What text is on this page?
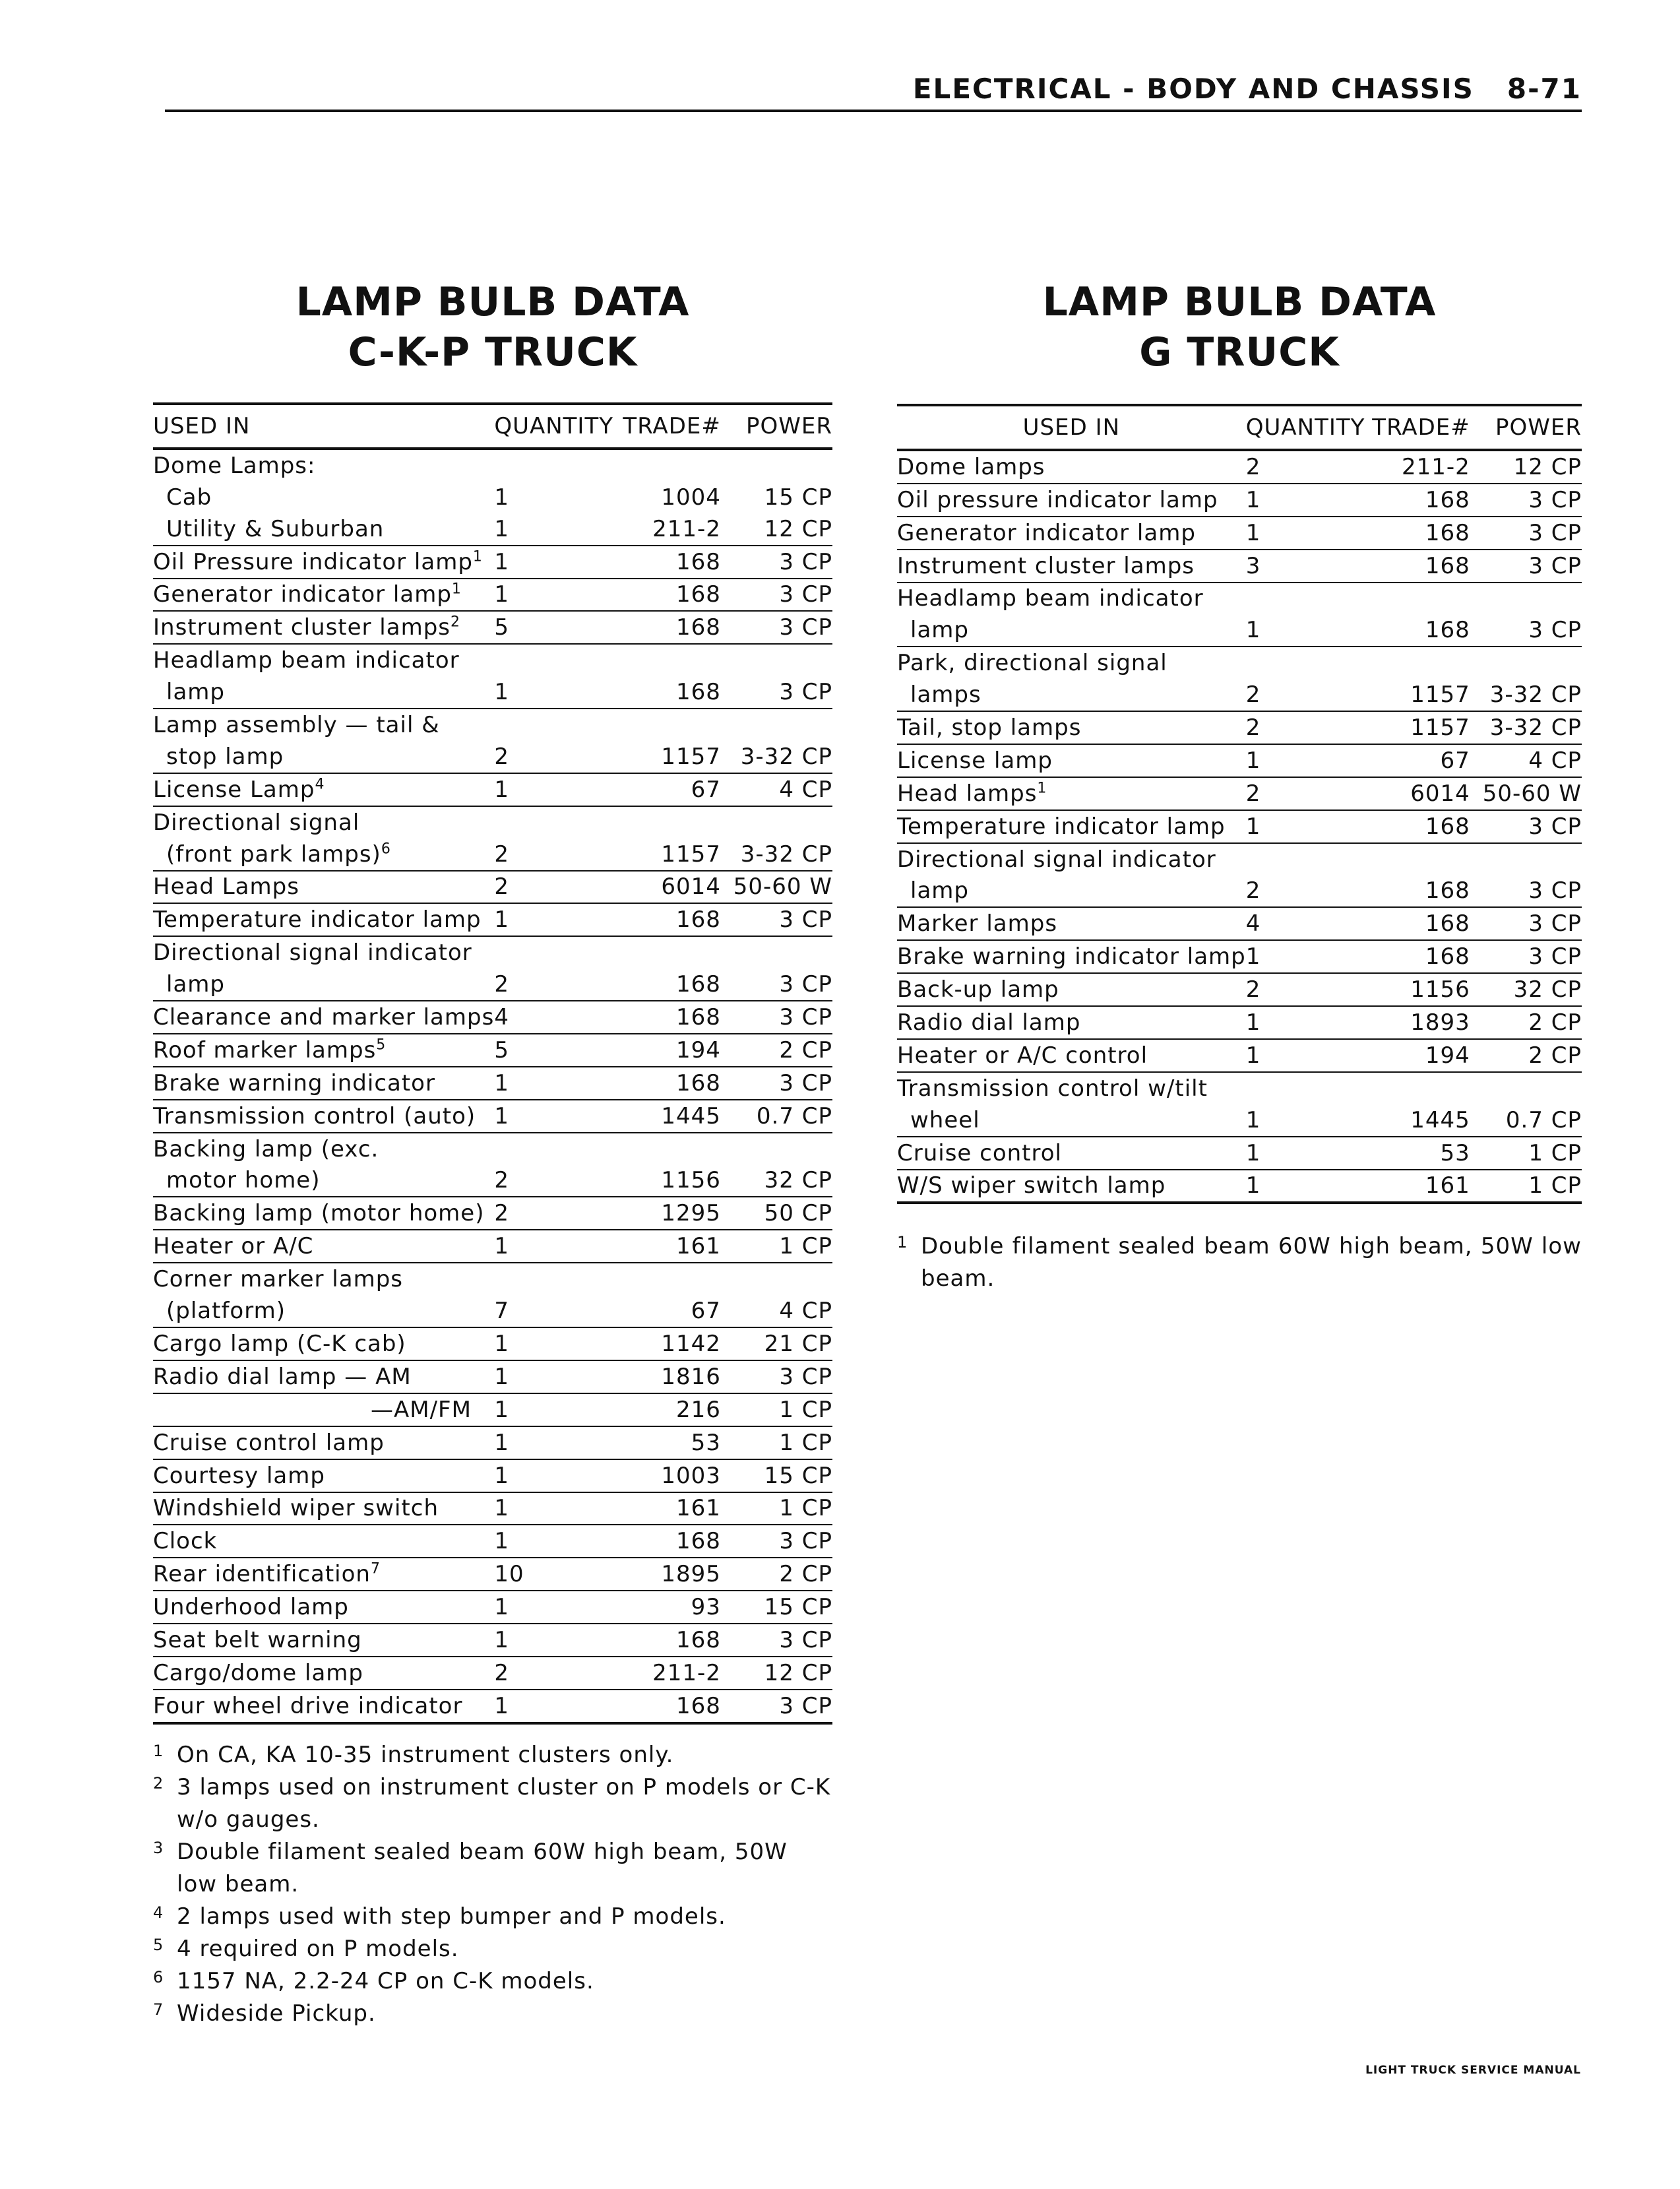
ELECTRICAL - BODY AND CHASSIS 8-71
LAMP BULB DATA
C-K-P TRUCK
USED IN	QUANTITY	TRADE#	POWER
Dome Lamps:			
Cab	1	1004	15 CP
Utility & Suburban	1	211-2	12 CP
Oil Pressure indicator lamp$^1$	1	168	3 CP
Generator indicator lamp$^1$	1	168	3 CP
Instrument cluster lamps$^2$	5	168	3 CP
Headlamp beam indicator			
lamp	1	168	3 CP
Lamp assembly — tail &			
stop lamp	2	1157	3-32 CP
License Lamp$^4$	1	67	4 CP
Directional signal			
(front park lamps)$^6$	2	1157	3-32 CP
Head Lamps	2	6014	50-60 W
Temperature indicator lamp	1	168	3 CP
Directional signal indicator			
lamp	2	168	3 CP
Clearance and marker lamps	4	168	3 CP
Roof marker lamps$^5$	5	194	2 CP
Brake warning indicator	1	168	3 CP
Transmission control (auto)	1	1445	0.7 CP
Backing lamp (exc.			
motor home)	2	1156	32 CP
Backing lamp (motor home)	2	1295	50 CP
Heater or A/C	1	161	1 CP
Corner marker lamps			
(platform)	7	67	4 CP
Cargo lamp (C-K cab)	1	1142	21 CP
Radio dial lamp — AM	1	1816	3 CP
—AM/FM	1	216	1 CP
Cruise control lamp	1	53	1 CP
Courtesy lamp	1	1003	15 CP
Windshield wiper switch	1	161	1 CP
Clock	1	168	3 CP
Rear identification$^7$	10	1895	2 CP
Underhood lamp	1	93	15 CP
Seat belt warning	1	168	3 CP
Cargo/dome lamp	2	211-2	12 CP
Four wheel drive indicator	1	168	3 CP
1 On CA, KA 10-35 instrument clusters only.
2 3 lamps used on instrument cluster on P models or C-K w/o gauges.
3 Double filament sealed beam 60W high beam, 50W low beam.
4 2 lamps used with step bumper and P models.
5 4 required on P models.
6 1157 NA, 2.2-24 CP on C-K models.
7 Wideside Pickup.
LAMP BULB DATA
G TRUCK
USED IN	QUANTITY	TRADE#	POWER
Dome lamps	2	211-2	12 CP
Oil pressure indicator lamp	1	168	3 CP
Generator indicator lamp	1	168	3 CP
Instrument cluster lamps	3	168	3 CP
Headlamp beam indicator			
lamp	1	168	3 CP
Park, directional signal			
lamps	2	1157	3-32 CP
Tail, stop lamps	2	1157	3-32 CP
License lamp	1	67	4 CP
Head lamps$^1$	2	6014	50-60 W
Temperature indicator lamp	1	168	3 CP
Directional signal indicator			
lamp	2	168	3 CP
Marker lamps	4	168	3 CP
Brake warning indicator lamp	1	168	3 CP
Back-up lamp	2	1156	32 CP
Radio dial lamp	1	1893	2 CP
Heater or A/C control	1	194	2 CP
Transmission control w/tilt			
wheel	1	1445	0.7 CP
Cruise control	1	53	1 CP
W/S wiper switch lamp	1	161	1 CP
1 Double filament sealed beam 60W high beam, 50W low beam.
LIGHT TRUCK SERVICE MANUAL
